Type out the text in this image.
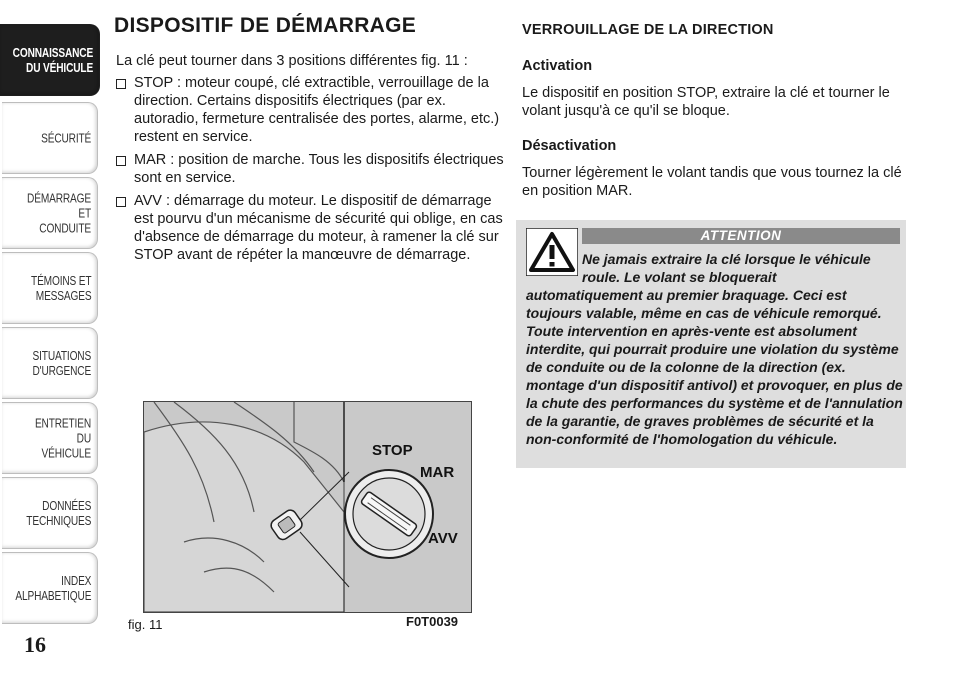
CONNAISSANCE
DU VÉHICULE
SÉCURITÉ
DÉMARRAGE ET
CONDUITE
TÉMOINS ET
MESSAGES
SITUATIONS
D'URGENCE
ENTRETIEN DU
VÉHICULE
DONNÉES
TECHNIQUES
INDEX
ALPHABETIQUE
16
DISPOSITIF DE DÉMARRAGE
La clé peut tourner dans 3 positions différentes fig. 11 :
STOP : moteur coupé, clé extractible, verrouillage de la direction. Certains dispositifs électriques (par ex. autoradio, fermeture centralisée des portes, alarme, etc.) restent en service.
MAR : position de marche. Tous les dispositifs électriques sont en service.
AVV : démarrage du moteur. Le dispositif de démarrage est pourvu d'un mécanisme de sécurité qui oblige, en cas d'absence de démarrage du moteur, à ramener la clé sur STOP avant de répéter la manœuvre de démarrage.
STOP
MAR
AVV
fig. 11	F0T0039
VERROUILLAGE DE LA DIRECTION
Activation
Le dispositif en position STOP, extraire la clé et tourner le volant jusqu'à ce qu'il se bloque.
Désactivation
Tourner légèrement le volant tandis que vous tournez la clé en position MAR.
ATTENTION
Ne jamais extraire la clé lorsque le véhicule roule. Le volant se bloquerait
automatiquement au premier braquage. Ceci est toujours valable, même en cas de véhicule remorqué. Toute intervention en après-vente est absolument interdite, qui pourrait produire une violation du système de conduite ou de la colonne de la direction (ex. montage d'un dispositif antivol) et provoquer, en plus de la chute des performances du système et de l'annulation de la garantie, de graves problèmes de sécurité et la non-conformité de l'homologation du véhicule.
